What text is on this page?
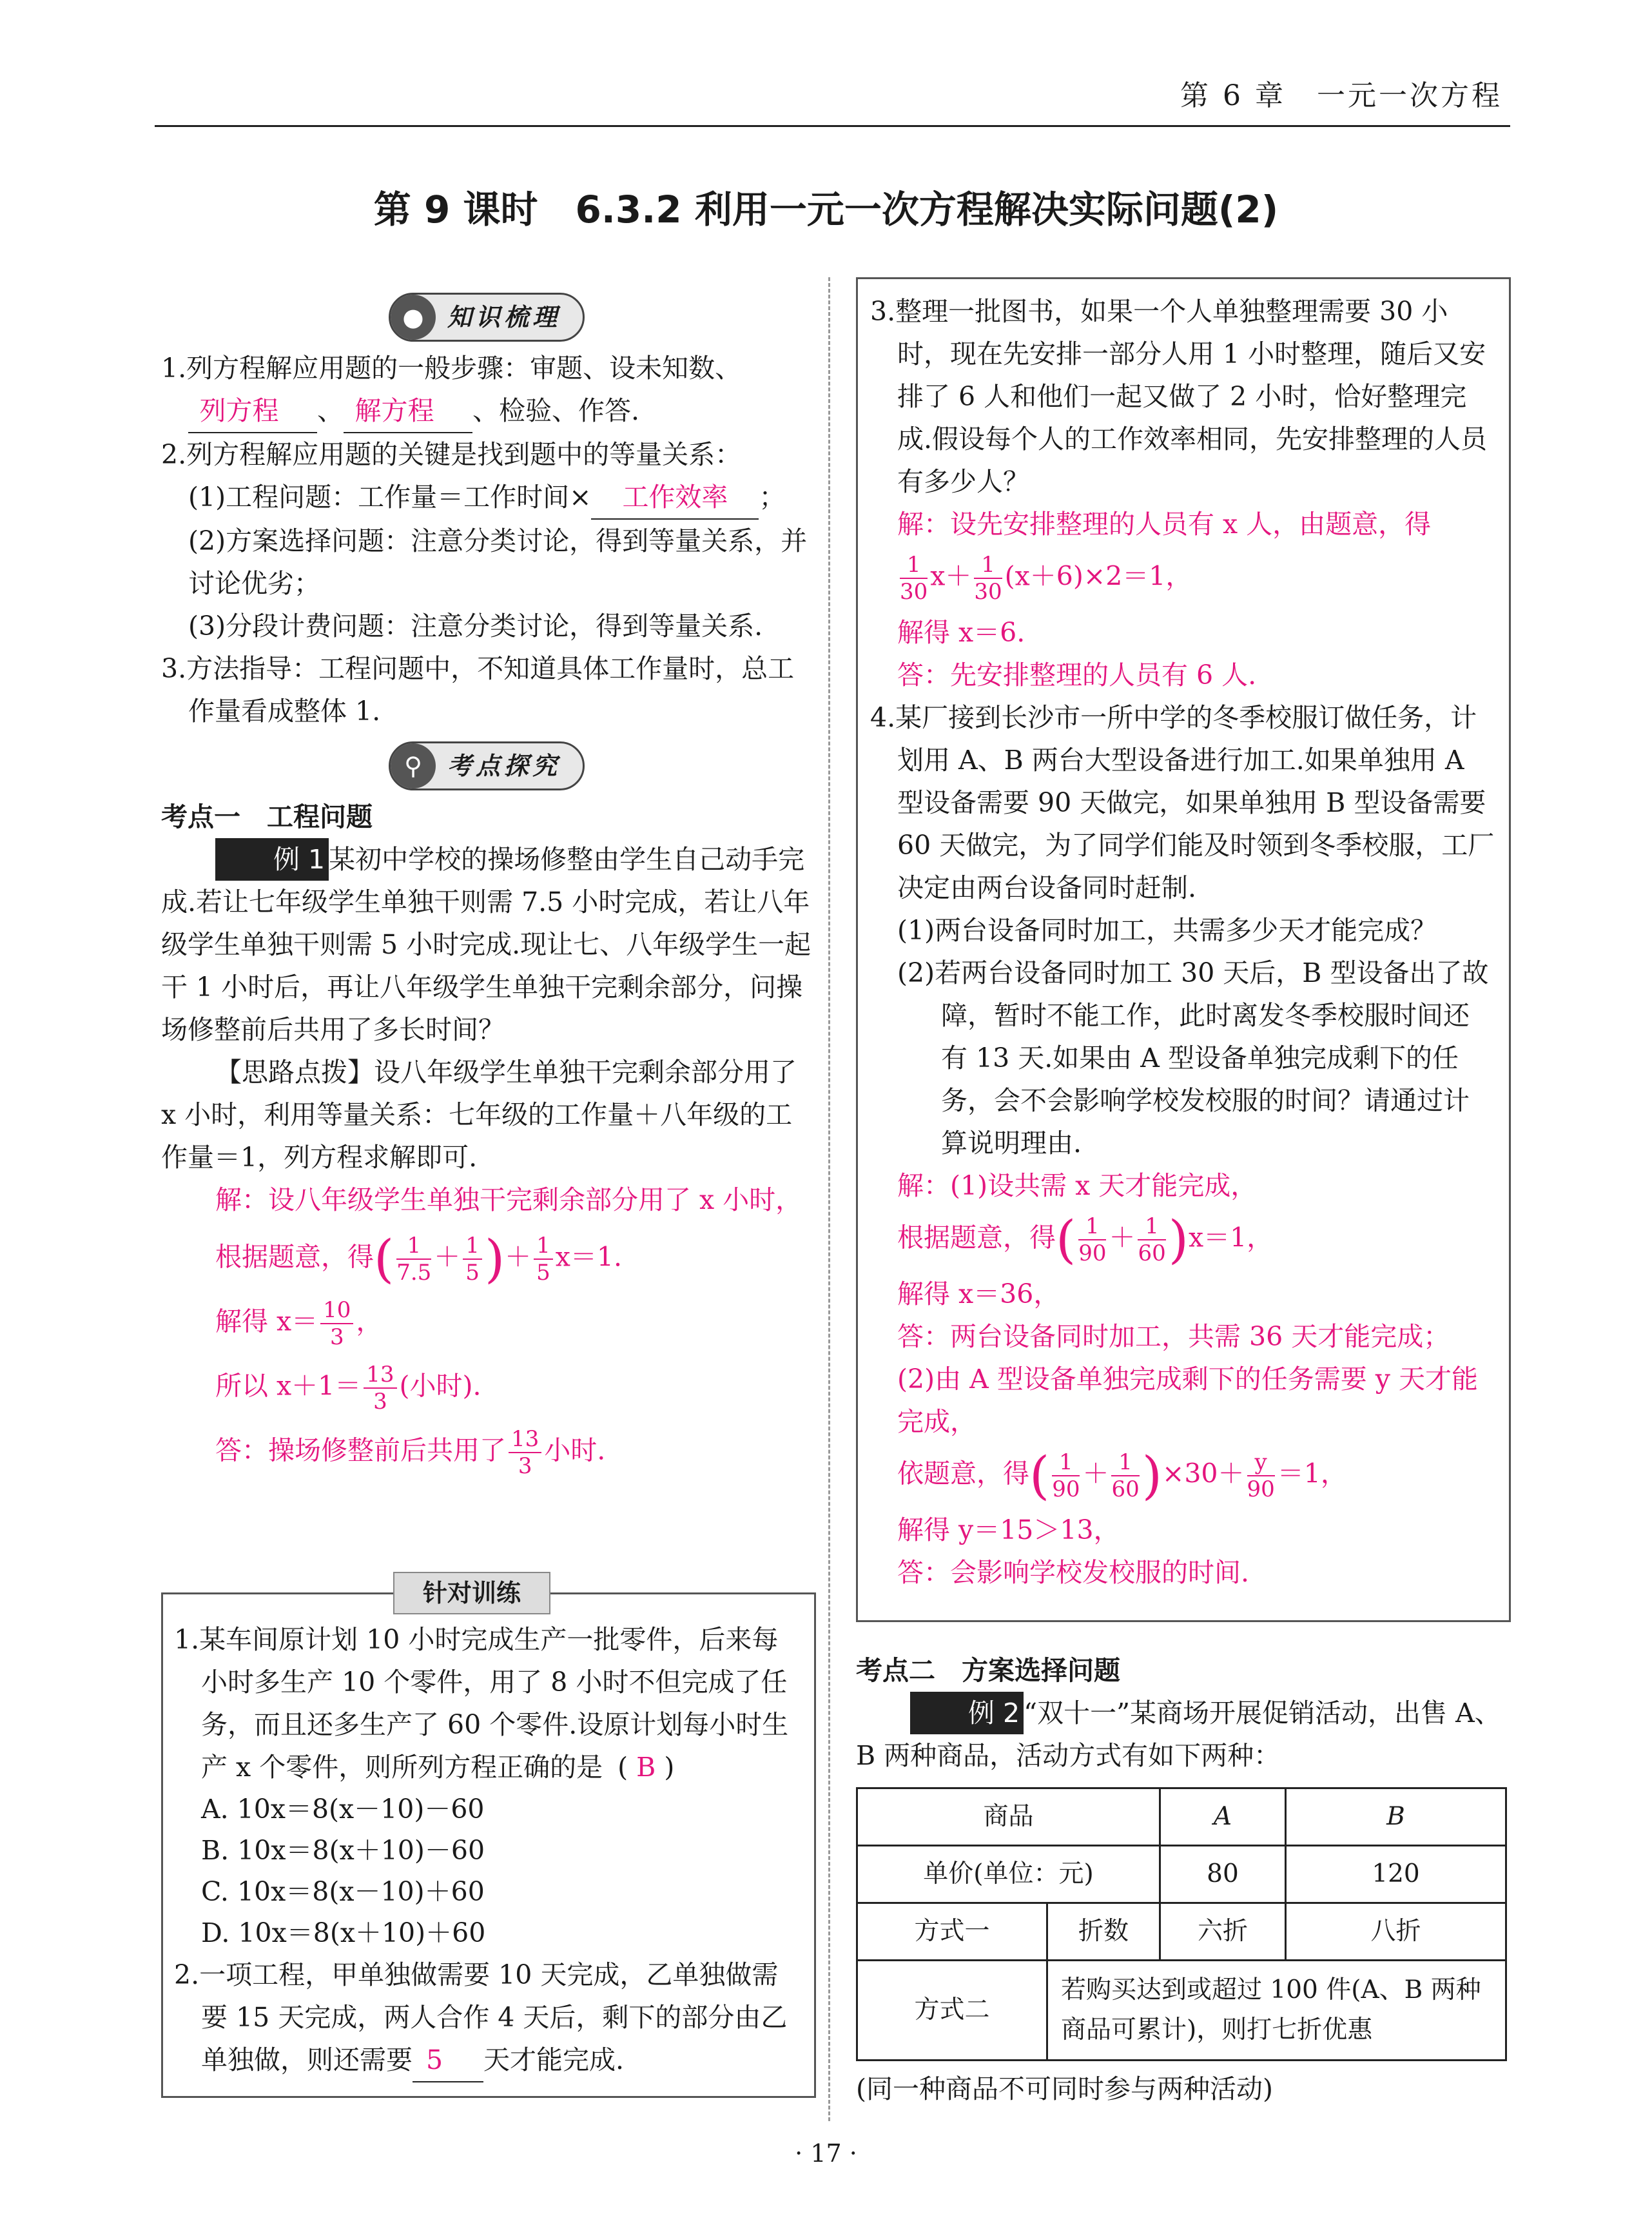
第 6 章　一元一次方程
第 9 课时　6.3.2 利用一元一次方程解决实际问题(2)
● 知识梳理
1.列方程解应用题的一般步骤：审题、设未知数、 列方程 、 解方程 、检验、作答.
2.列方程解应用题的关键是找到题中的等量关系：
(1)工程问题：工作量＝工作时间× 工作效率 ；
(2)方案选择问题：注意分类讨论，得到等量关系，并讨论优劣；
(3)分段计费问题：注意分类讨论，得到等量关系.
3.方法指导：工程问题中，不知道具体工作量时，总工作量看成整体 1.
⚲	考点探究
考点一　工程问题
例 1 某初中学校的操场修整由学生自己动手完成.若让七年级学生单独干则需 7.5 小时完成，若让八年级学生单独干则需 5 小时完成.现让七、八年级学生一起干 1 小时后，再让八年级学生单独干完剩余部分，问操场修整前后共用了多长时间？
【思路点拨】设八年级学生单独干完剩余部分用了 x 小时，利用等量关系：七年级的工作量＋八年级的工作量＝1，列方程求解即可.
解：设八年级学生单独干完剩余部分用了 x 小时，
根据题意，得( $\frac{1}{7.5} + \frac{1}{5}$ )＋ $\frac{1}{5} x=1$.
解得 $x= \frac{10}{3}$ ，
所以 $x+1= \frac{13}{3}$ (小时).
答：操场修整前后共用了 $\frac{13}{3}$ 小时.
针对训练
1.某车间原计划 10 小时完成生产一批零件，后来每小时多生产 10 个零件，用了 8 小时不但完成了任务，而且还多生产了 60 个零件.设原计划每小时生产 x 个零件，则所列方程正确的是 ( B )
A. 10x＝8(x－10)－60
B. 10x＝8(x＋10)－60
C. 10x＝8(x－10)＋60
D. 10x＝8(x＋10)＋60
2.一项工程，甲单独做需要 10 天完成，乙单独做需要 15 天完成，两人合作 4 天后，剩下的部分由乙单独做，则还需要 5 天才能完成.
3.整理一批图书，如果一个人单独整理需要 30 小时，现在先安排一部分人用 1 小时整理，随后又安排了 6 人和他们一起又做了 2 小时，恰好整理完成.假设每个人的工作效率相同，先安排整理的人员有多少人？
解：设先安排整理的人员有 x 人，由题意，得
$\frac{1}{30} x+ \frac{1}{30} (x+6)\times 2=1$，
解得 x＝6.
答：先安排整理的人员有 6 人.
4.某厂接到长沙市一所中学的冬季校服订做任务，计划用 A、B 两台大型设备进行加工.如果单独用 A 型设备需要 90 天做完，如果单独用 B 型设备需要 60 天做完，为了同学们能及时领到冬季校服，工厂决定由两台设备同时赶制.
(1)两台设备同时加工，共需多少天才能完成？
(2)若两台设备同时加工 30 天后，B 型设备出了故障，暂时不能工作，此时离发冬季校服时间还有 13 天.如果由 A 型设备单独完成剩下的任务，会不会影响学校发校服的时间？请通过计算说明理由.
解：(1)设共需 x 天才能完成，
根据题意，得( $\frac{1}{90} + \frac{1}{60} )x=1$，
解得 x＝36，
答：两台设备同时加工，共需 36 天才能完成；
(2)由 A 型设备单独完成剩下的任务需要 y 天才能完成，
依题意，得( $\frac{1}{90} + \frac{1}{60} )\times 30+ \frac{y}{90} =1$，
解得 y＝15＞13，
答：会影响学校发校服的时间.
考点二　方案选择问题
例 2 “双十一”某商场开展促销活动，出售 A、B 两种商品，活动方式有如下两种：
商品		A	B
单价(单位：元)		80	120
方式一	折数	六折	八折
方式二	若购买达到或超过 100 件(A、B 两种商品可累计)，则打七折优惠		
(同一种商品不可同时参与两种活动)
· 17 ·
